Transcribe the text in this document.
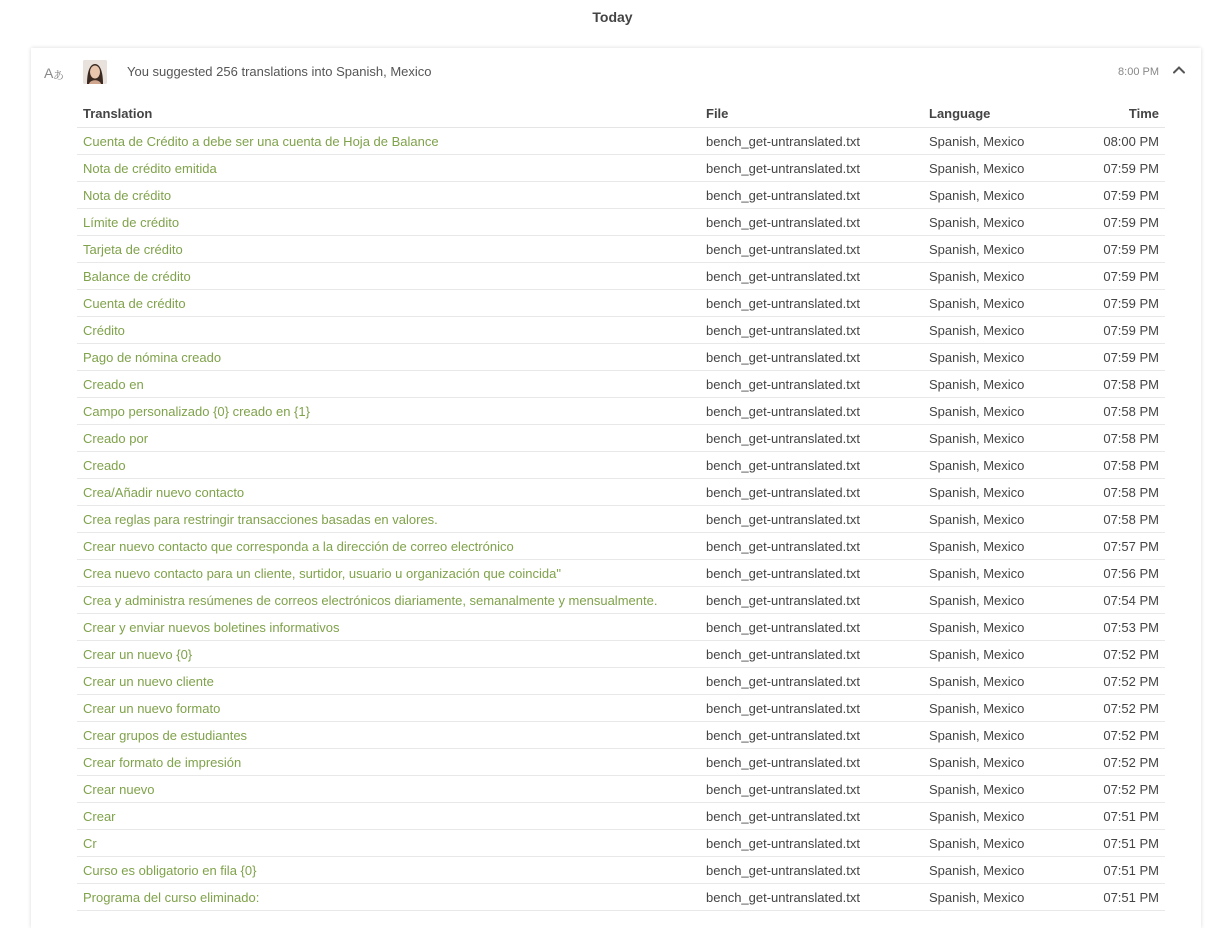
Today
A あ	You suggested 256 translations into Spanish, Mexico	8:00 PM
Translation	File	Language	Time
Cuenta de Crédito a debe ser una cuenta de Hoja de Balance	bench_get-untranslated.txt	Spanish, Mexico	08:00 PM
Nota de crédito emitida	bench_get-untranslated.txt	Spanish, Mexico	07:59 PM
Nota de crédito	bench_get-untranslated.txt	Spanish, Mexico	07:59 PM
Límite de crédito	bench_get-untranslated.txt	Spanish, Mexico	07:59 PM
Tarjeta de crédito	bench_get-untranslated.txt	Spanish, Mexico	07:59 PM
Balance de crédito	bench_get-untranslated.txt	Spanish, Mexico	07:59 PM
Cuenta de crédito	bench_get-untranslated.txt	Spanish, Mexico	07:59 PM
Crédito	bench_get-untranslated.txt	Spanish, Mexico	07:59 PM
Pago de nómina creado	bench_get-untranslated.txt	Spanish, Mexico	07:59 PM
Creado en	bench_get-untranslated.txt	Spanish, Mexico	07:58 PM
Campo personalizado {0} creado en {1}	bench_get-untranslated.txt	Spanish, Mexico	07:58 PM
Creado por	bench_get-untranslated.txt	Spanish, Mexico	07:58 PM
Creado	bench_get-untranslated.txt	Spanish, Mexico	07:58 PM
Crea/Añadir nuevo contacto	bench_get-untranslated.txt	Spanish, Mexico	07:58 PM
Crea reglas para restringir transacciones basadas en valores.	bench_get-untranslated.txt	Spanish, Mexico	07:58 PM
Crear nuevo contacto que corresponda a la dirección de correo electrónico	bench_get-untranslated.txt	Spanish, Mexico	07:57 PM
Crea nuevo contacto para un cliente, surtidor, usuario u organización que coincida"	bench_get-untranslated.txt	Spanish, Mexico	07:56 PM
Crea y administra resúmenes de correos electrónicos diariamente, semanalmente y mensualmente.	bench_get-untranslated.txt	Spanish, Mexico	07:54 PM
Crear y enviar nuevos boletines informativos	bench_get-untranslated.txt	Spanish, Mexico	07:53 PM
Crear un nuevo {0}	bench_get-untranslated.txt	Spanish, Mexico	07:52 PM
Crear un nuevo cliente	bench_get-untranslated.txt	Spanish, Mexico	07:52 PM
Crear un nuevo formato	bench_get-untranslated.txt	Spanish, Mexico	07:52 PM
Crear grupos de estudiantes	bench_get-untranslated.txt	Spanish, Mexico	07:52 PM
Crear formato de impresión	bench_get-untranslated.txt	Spanish, Mexico	07:52 PM
Crear nuevo	bench_get-untranslated.txt	Spanish, Mexico	07:52 PM
Crear	bench_get-untranslated.txt	Spanish, Mexico	07:51 PM
Cr	bench_get-untranslated.txt	Spanish, Mexico	07:51 PM
Curso es obligatorio en fila {0}	bench_get-untranslated.txt	Spanish, Mexico	07:51 PM
Programa del curso eliminado:	bench_get-untranslated.txt	Spanish, Mexico	07:51 PM
